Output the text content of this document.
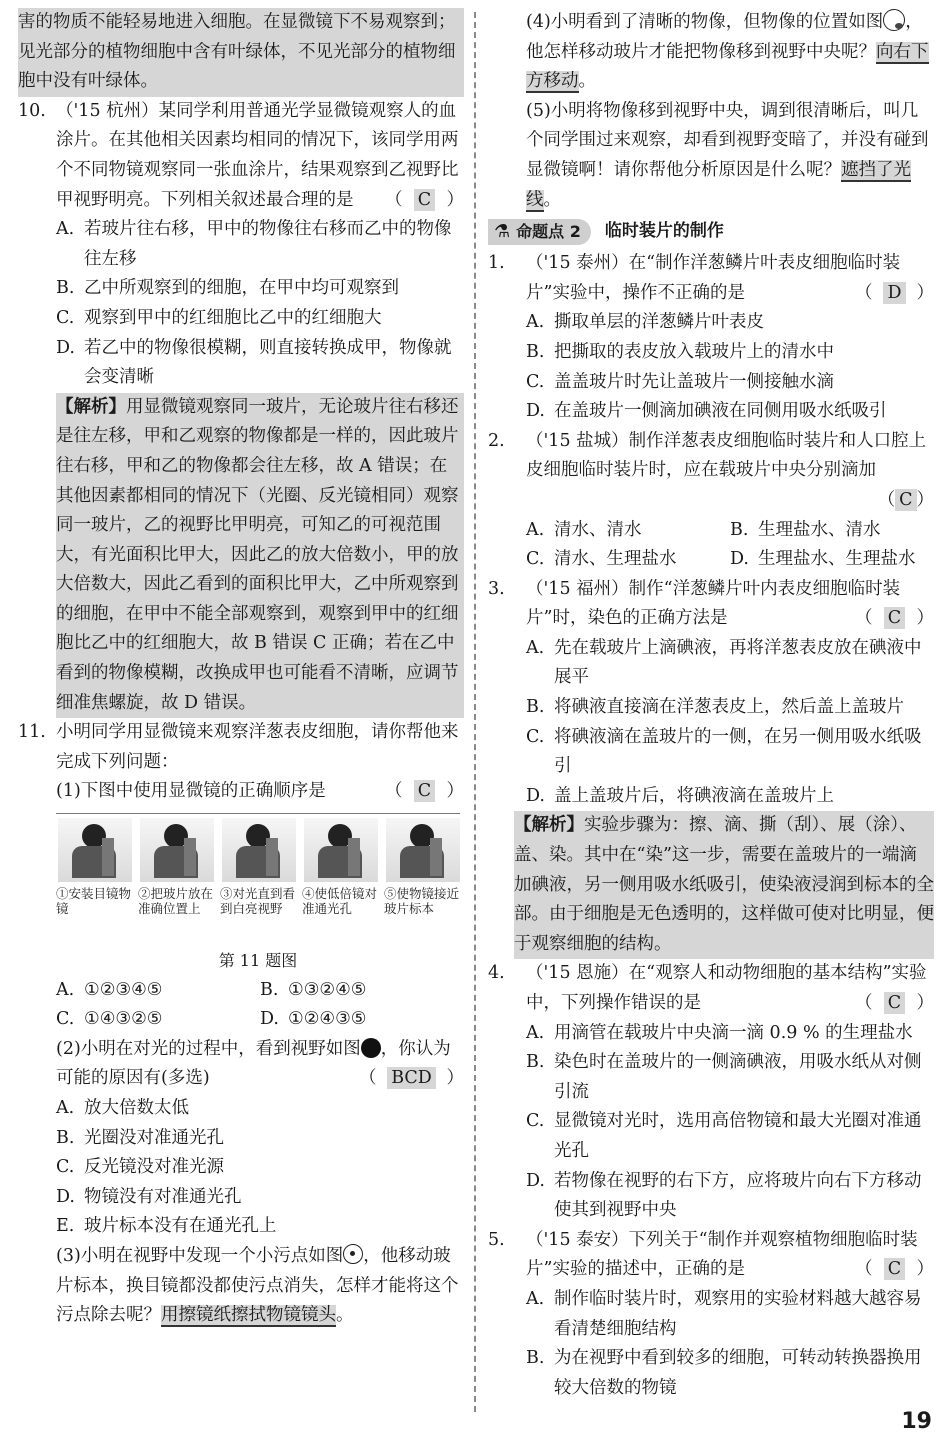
害的物质不能轻易地进入细胞。在显微镜下不易观察到；见光部分的植物细胞中含有叶绿体，不见光部分的植物细胞中没有叶绿体。

10. （'15 杭州）某同学利用普通光学显微镜观察人的血涂片。在其他相关因素均相同的情况下，该同学用两个不同物镜观察同一张血涂片，结果观察到乙视野比甲视野明亮。下列相关叙述最合理的是 （ C ）
A. 若玻片往右移，甲中的物像往右移而乙中的物像往左移
B. 乙中所观察到的细胞，在甲中均可观察到
C. 观察到甲中的红细胞比乙中的红细胞大
D. 若乙中的物像很模糊，则直接转换成甲，物像就会变清晰

【解析】用显微镜观察同一玻片，无论玻片往右移还是往左移，甲和乙观察的物像都是一样的，因此玻片往右移，甲和乙的物像都会往左移，故 A 错误；在其他因素都相同的情况下（光圈、反光镜相同）观察同一玻片，乙的视野比甲明亮，可知乙的可视范围大，有光面积比甲大，因此乙的放大倍数小，甲的放大倍数大，因此乙看到的面积比甲大，乙中所观察到的细胞，在甲中不能全部观察到，观察到甲中的红细胞比乙中的红细胞大，故 B 错误 C 正确；若在乙中看到的物像模糊，改换成甲也可能看不清晰，应调节细准焦螺旋，故 D 错误。

11. 小明同学用显微镜来观察洋葱表皮细胞，请你帮他来完成下列问题：
(1)下图中使用显微镜的正确顺序是	（ C ）
①安装目镜物镜
②把玻片放在准确位置上
③对光直到看到白亮视野
④使低倍镜对准通光孔
⑤使物镜接近玻片标本
第 11 题图
A. ①②③④⑤	B. ①③②④⑤
C. ①④③②⑤	D. ①②④③⑤
(2)小明在对光的过程中，看到视野如图 ，你认为可能的原因有(多选)	（ BCD ）
A. 放大倍数太低
B. 光圈没对准通光孔
C. 反光镜没对准光源
D. 物镜没有对准通光孔
E. 玻片标本没有在通光孔上
(3)小明在视野中发现一个小污点如图 ，他移动玻片标本，换目镜都没都使污点消失，怎样才能将这个污点除去呢？用擦镜纸擦拭物镜镜头。
(4)小明看到了清晰的物像，但物像的位置如图 ，他怎样移动玻片才能把物像移到视野中央呢？向右下方移动。
(5)小明将物像移到视野中央，调到很清晰后，叫几个同学围过来观察，却看到视野变暗了，并没有碰到显微镜啊！请你帮他分析原因是什么呢？遮挡了光线。
⚗ 命题点 2 临时装片的制作
1. （'15 泰州）在“制作洋葱鳞片叶表皮细胞临时装片”实验中，操作不正确的是	（ D ）
A. 撕取单层的洋葱鳞片叶表皮
B. 把撕取的表皮放入载玻片上的清水中
C. 盖盖玻片时先让盖玻片一侧接触水滴
D. 在盖玻片一侧滴加碘液在同侧用吸水纸吸引
2. （'15 盐城）制作洋葱表皮细胞临时装片和人口腔上皮细胞临时装片时，应在载玻片中央分别滴加
（ C ）
A. 清水、清水	B. 生理盐水、清水
C. 清水、生理盐水	D. 生理盐水、生理盐水
3. （'15 福州）制作“洋葱鳞片叶内表皮细胞临时装片”时，染色的正确方法是	（ C ）
A. 先在载玻片上滴碘液，再将洋葱表皮放在碘液中展平
B. 将碘液直接滴在洋葱表皮上，然后盖上盖玻片
C. 将碘液滴在盖玻片的一侧，在另一侧用吸水纸吸引
D. 盖上盖玻片后，将碘液滴在盖玻片上

【解析】实验步骤为：擦、滴、撕（刮）、展（涂）、盖、染。其中在“染”这一步，需要在盖玻片的一端滴加碘液，另一侧用吸水纸吸引，使染液浸润到标本的全部。由于细胞是无色透明的，这样做可使对比明显，便于观察细胞的结构。

4. （'15 恩施）在“观察人和动物细胞的基本结构”实验中，下列操作错误的是	（ C ）
A. 用滴管在载玻片中央滴一滴 0.9 % 的生理盐水
B. 染色时在盖玻片的一侧滴碘液，用吸水纸从对侧引流
C. 显微镜对光时，选用高倍物镜和最大光圈对准通光孔
D. 若物像在视野的右下方，应将玻片向右下方移动使其到视野中央
5. （'15 泰安）下列关于“制作并观察植物细胞临时装片”实验的描述中，正确的是	（ C ）
A. 制作临时装片时，观察用的实验材料越大越容易看清楚细胞结构
B. 为在视野中看到较多的细胞，可转动转换器换用较大倍数的物镜
19
